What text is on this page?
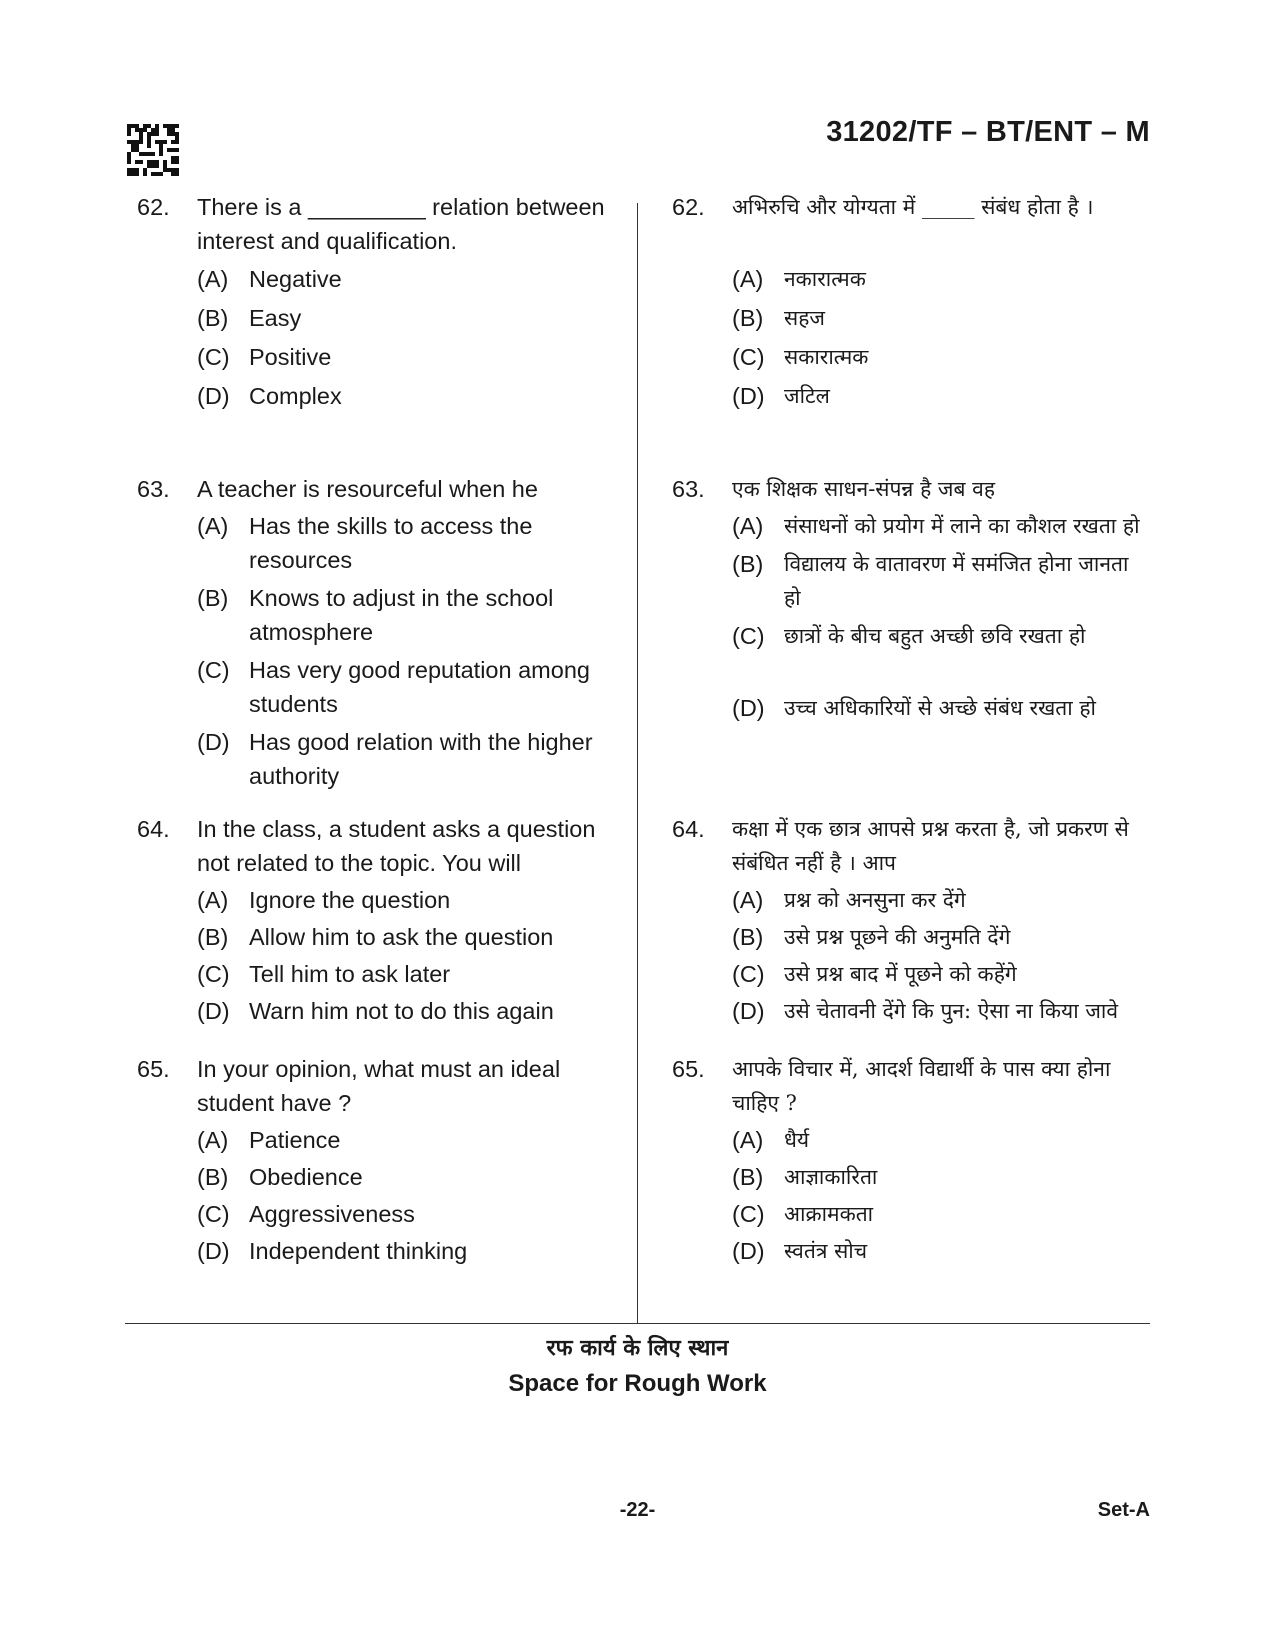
31202/TF – BT/ENT – M
62.	There is a _________ relation between interest and qualification.
(A) Negative
(B) Easy
(C) Positive
(D) Complex
63.	A teacher is resourceful when he
(A) Has the skills to access the resources
(B) Knows to adjust in the school atmosphere
(C) Has very good reputation among students
(D) Has good relation with the higher authority
64.	In the class, a student asks a question not related to the topic. You will
(A) Ignore the question
(B) Allow him to ask the question
(C) Tell him to ask later
(D) Warn him not to do this again
65.	In your opinion, what must an ideal student have ?
(A) Patience
(B) Obedience
(C) Aggressiveness
(D) Independent thinking
62.	अभिरुचि और योग्यता में _____ संबंध होता है ।
(A) नकारात्मक
(B) सहज
(C) सकारात्मक
(D) जटिल
63.	एक शिक्षक साधन-संपन्न है जब वह
(A) संसाधनों को प्रयोग में लाने का कौशल रखता हो
(B) विद्यालय के वातावरण में समंजित होना जानता हो
(C) छात्रों के बीच बहुत अच्छी छवि रखता हो
(D) उच्च अधिकारियों से अच्छे संबंध रखता हो
64.	कक्षा में एक छात्र आपसे प्रश्न करता है, जो प्रकरण से संबंधित नहीं है । आप
(A) प्रश्न को अनसुना कर देंगे
(B) उसे प्रश्न पूछने की अनुमति देंगे
(C) उसे प्रश्न बाद में पूछने को कहेंगे
(D) उसे चेतावनी देंगे कि पुन: ऐसा ना किया जावे
65.	आपके विचार में, आदर्श विद्यार्थी के पास क्या होना चाहिए ?
(A) धैर्य
(B) आज्ञाकारिता
(C) आक्रामकता
(D) स्वतंत्र सोच
रफ कार्य के लिए स्थान
Space for Rough Work
-22-	Set-A
